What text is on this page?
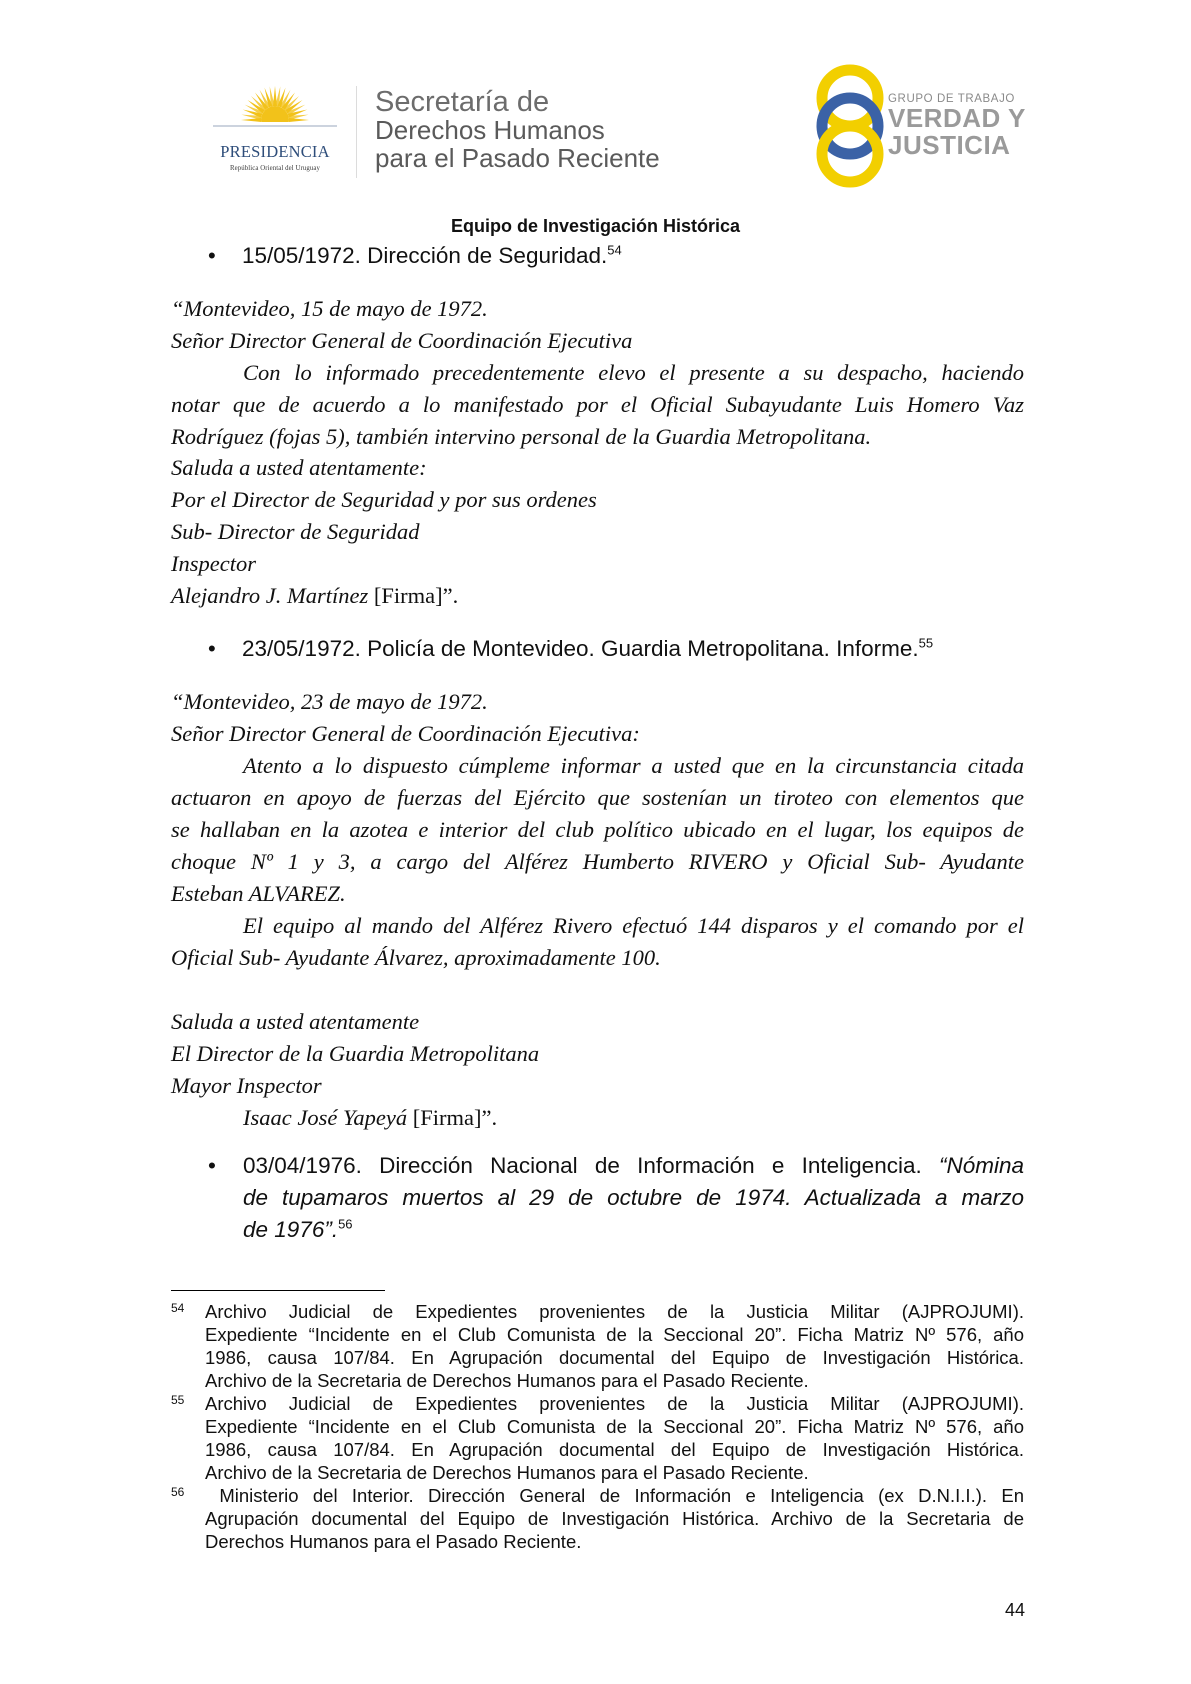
PRESIDENCIA
República Oriental del Uruguay
Secretaría de
Derechos Humanos
para el Pasado Reciente
GRUPO DE TRABAJO
VERDAD Y
JUSTICIA
Equipo de Investigación Histórica
• 15/05/1972. Dirección de Seguridad.$^{54}$
“Montevideo, 15 de mayo de 1972.
Señor Director General de Coordinación Ejecutiva
Con lo informado precedentemente elevo el presente a su despacho, haciendo
notar que de acuerdo a lo manifestado por el Oficial Subayudante Luis Homero Vaz
Rodríguez (fojas 5), también intervino personal de la Guardia Metropolitana.
Saluda a usted atentamente:
Por el Director de Seguridad y por sus ordenes
Sub- Director de Seguridad
Inspector
Alejandro J. Martínez [Firma]”.
• 23/05/1972. Policía de Montevideo. Guardia Metropolitana. Informe.$^{55}$
“Montevideo, 23 de mayo de 1972.
Señor Director General de Coordinación Ejecutiva:
Atento a lo dispuesto cúmpleme informar a usted que en la circunstancia citada
actuaron en apoyo de fuerzas del Ejército que sostenían un tiroteo con elementos que
se hallaban en la azotea e interior del club político ubicado en el lugar, los equipos de
choque Nº 1 y 3, a cargo del Alférez Humberto RIVERO y Oficial Sub- Ayudante
Esteban ALVAREZ.
El equipo al mando del Alférez Rivero efectuó 144 disparos y el comando por el
Oficial Sub- Ayudante Álvarez, aproximadamente 100.
Saluda a usted atentamente
El Director de la Guardia Metropolitana
Mayor Inspector
Isaac José Yapeyá [Firma]”.
• 03/04/1976. Dirección Nacional de Información e Inteligencia. “Nómina
de tupamaros muertos al 29 de octubre de 1974. Actualizada a marzo
de 1976”.$^{56}$
54 Archivo Judicial de Expedientes provenientes de la Justicia Militar (AJPROJUMI).
Expediente “Incidente en el Club Comunista de la Seccional 20”. Ficha Matriz Nº 576, año
1986, causa 107/84. En Agrupación documental del Equipo de Investigación Histórica.
Archivo de la Secretaria de Derechos Humanos para el Pasado Reciente.
55 Archivo Judicial de Expedientes provenientes de la Justicia Militar (AJPROJUMI).
Expediente “Incidente en el Club Comunista de la Seccional 20”. Ficha Matriz Nº 576, año
1986, causa 107/84. En Agrupación documental del Equipo de Investigación Histórica.
Archivo de la Secretaria de Derechos Humanos para el Pasado Reciente.
56 Ministerio del Interior. Dirección General de Información e Inteligencia (ex D.N.I.I.). En
Agrupación documental del Equipo de Investigación Histórica. Archivo de la Secretaria de
Derechos Humanos para el Pasado Reciente.
44
